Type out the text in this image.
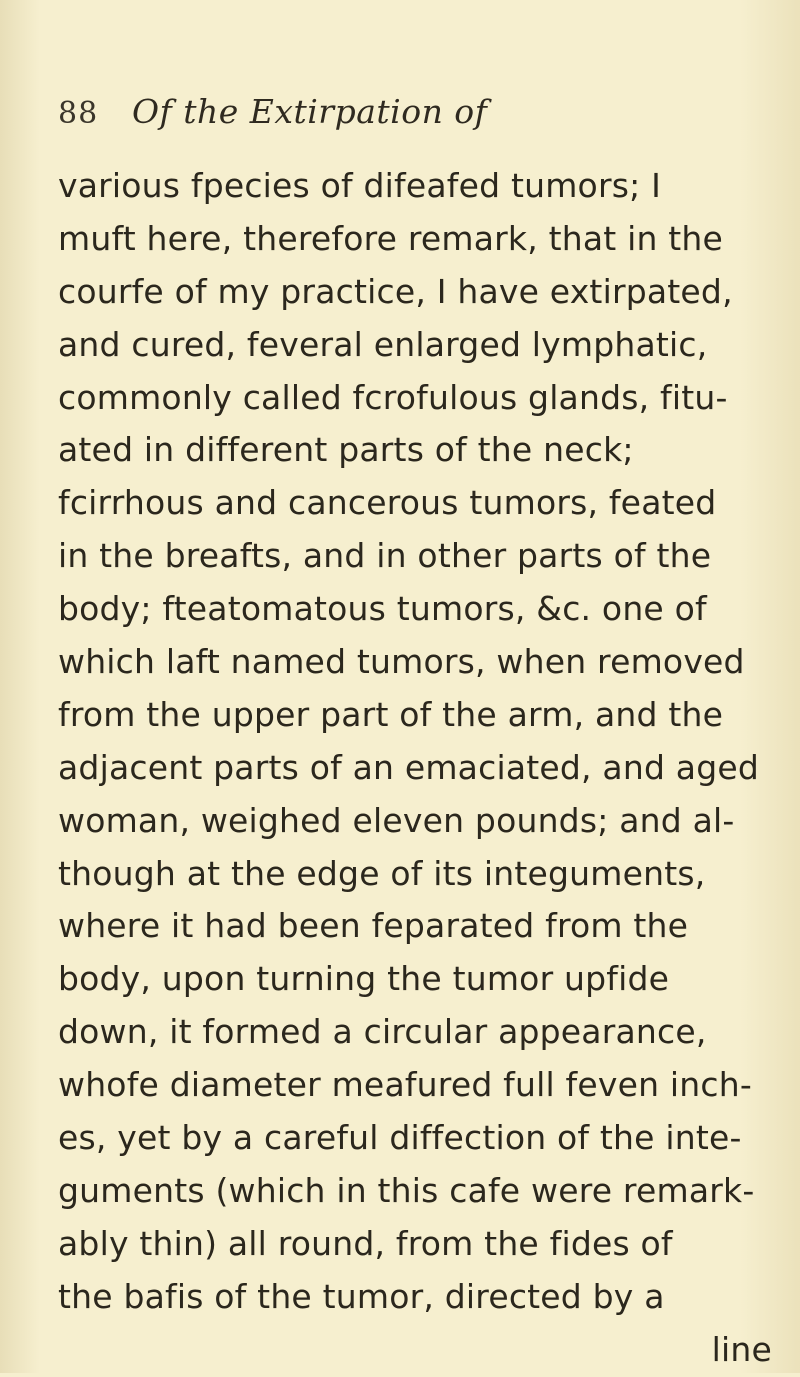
88	Of the Extirpation of
various fpecies of difeafed tumors; I
muft here, therefore remark, that in the
courfe of my practice, I have extirpated,
and cured, feveral enlarged lymphatic,
commonly called fcrofulous glands, fitu-
ated in different parts of the neck;
fcirrhous and cancerous tumors, feated
in the breafts, and in other parts of the
body; fteatomatous tumors, &c. one of
which laft named tumors, when removed
from the upper part of the arm, and the
adjacent parts of an emaciated, and aged
woman, weighed eleven pounds; and al-
though at the edge of its integuments,
where it had been feparated from the
body, upon turning the tumor upfide
down, it formed a circular appearance,
whofe diameter meafured full feven inch-
es, yet by a careful diffection of the inte-
guments (which in this cafe were remark-
ably thin) all round, from the fides of
the bafis of the tumor, directed by a
line
